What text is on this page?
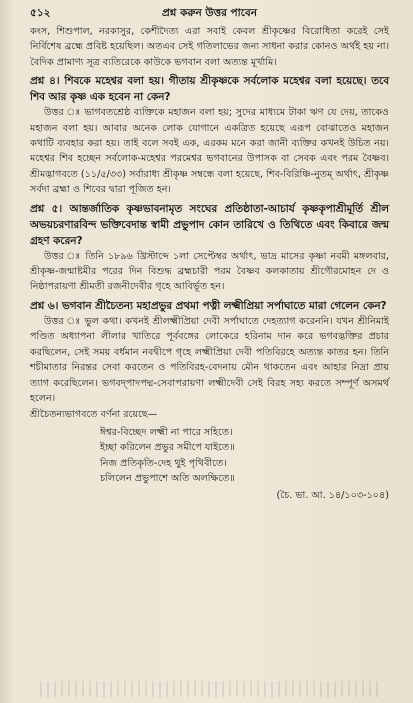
৫১২	প্রশ্ন করুন উত্তর পাবেন

কংস, শিশুপাল, নরকাসুর, কেশীদৈত্য এরা সবাই কেবল শ্রীকৃষ্ণের বিরোধিতা করেই সেই নির্বিশেষ ব্রহ্মে প্রবিষ্ট হয়েছিল। অতএব সেই গতিলাভের জন্য সাধনা করার কোনও অর্থই হয় না। বৈদিক প্রামাণ্য সূত্র ব্যতিরেকে কাউকে ভগবান বলা অত্যন্ত মূর্খামি।

প্রশ্ন ৪। শিবকে মহেশ্বর বলা হয়। গীতায় শ্রীকৃষ্ণকে সর্বলোক মহেশ্বর বলা হয়েছে। তবে শিব আর কৃষ্ণ এক হবেন না কেন?

উত্তর ঃ ভাগবতশ্রেষ্ঠ ব্যক্তিকে মহাজন বলা হয়; সুদের মাধ্যমে টাকা ঋণ যে দেয়, তাকেও মহাজন বলা হয়। আবার অনেক লোক যোগানে একত্রিত হয়েছে এরূপ বোঝাতেও মহাজন কথাটি ব্যবহার করা হয়। তাই বলে সবই এক, এরকম মনে করা জানী ব্যক্তির কখনই উচিত নয়। মহেশ্বর শিব হচ্ছেন সর্বলোক-মহেশ্বর পরমেশ্বর ভগবানের উপাসক বা সেবক এবং পরম বৈষ্ণব। শ্রীমদ্ভাগবতে (১১/৫/৩৩) সর্বারাধ্য শ্রীকৃষ্ণ সম্বন্ধে বলা হয়েছে, শিব-বিরিঞ্চি-নুতম্‌ অর্থাৎ, শ্রীকৃষ্ণ সর্বদা ব্রহ্মা ও শিবের দ্বারা পূজিত হন।

প্রশ্ন ৫। আন্তর্জাতিক কৃষ্ণভাবনামৃত সংঘের প্রতিষ্ঠাতা-আচার্য কৃষ্ণকৃপাশ্রীমূর্তি শ্রীল অভয়চরণারবিন্দ ভক্তিবেদান্ত স্বামী প্রভুপাদ কোন তারিখে ও তিথিতে এবং কিবারে জন্ম গ্রহণ করেন?

উত্তর ঃ তিনি ১৮৯৬ খ্রিস্টাব্দে ১লা সেপ্টেম্বর অর্থাৎ, ভাদ্র মাসের কৃষ্ণা নবমী মঙ্গলবার, শ্রীকৃষ্ণ-জন্মাষ্টমীর পরের দিন বিশুদ্ধ ব্রহ্মচারী পরম বৈষ্ণব কলকাতায় শ্রীগৌরমোহন দে ও নিষ্ঠাপরায়ণা শ্রীমতী রজনীদেবীর গৃহে আবির্ভূত হন।

প্রশ্ন ৬। ভগবান শ্রীচৈতন্য মহাপ্রভুর প্রথমা পত্নী লক্ষ্মীপ্রিয়া সর্পাঘাতে মারা গেলেন কেন?

উত্তর ঃ ভুল কথা। কখনই শ্রীলক্ষ্মীপ্রিয়া দেবী সর্পাঘাতে দেহত্যাগ করেননি। যখন শ্রীনিমাই পণ্ডিত অধ্যাপনা লীলার খাতিরে পূর্ববঙ্গের লোকেরে হরিনাম দান করে ভগবদ্ভক্তির প্রচার করছিলেন, সেই সময় বর্ধমান নবদ্বীপে গৃহে লক্ষ্মীপ্রিয়া দেবী পতিবিরহে অত্যন্ত কাতর হন। তিনি শচীমাতার নিরন্তর সেবা করতেন ও পতিবিরহ-বেদনায় মৌন থাকতেন এবং আহার নিদ্রা প্রায় ত্যাগ করেছিলেন। ভগবদ্পাদপদ্ম-সেবাপরায়ণা লক্ষ্মীদেবী সেই বিরহ সহ্য করতে সম্পূর্ণ অসমর্থ হলেন।

শ্রীচৈতন্যভাগবতে বর্ণনা রয়েছে—

ঈশ্বর-বিচ্ছেদ লক্ষ্মী না পারে সহিতে।
ইচ্ছা করিলেন প্রভুর সমীপে যাইতে॥
নিজ প্রতিকৃতি-দেহ থুই পৃথিবীতে।
চলিলেন প্রভুপাশে অতি অলক্ষিতে॥
(চৈ. ভা. আ. ১৪/১০৩-১০৪)
